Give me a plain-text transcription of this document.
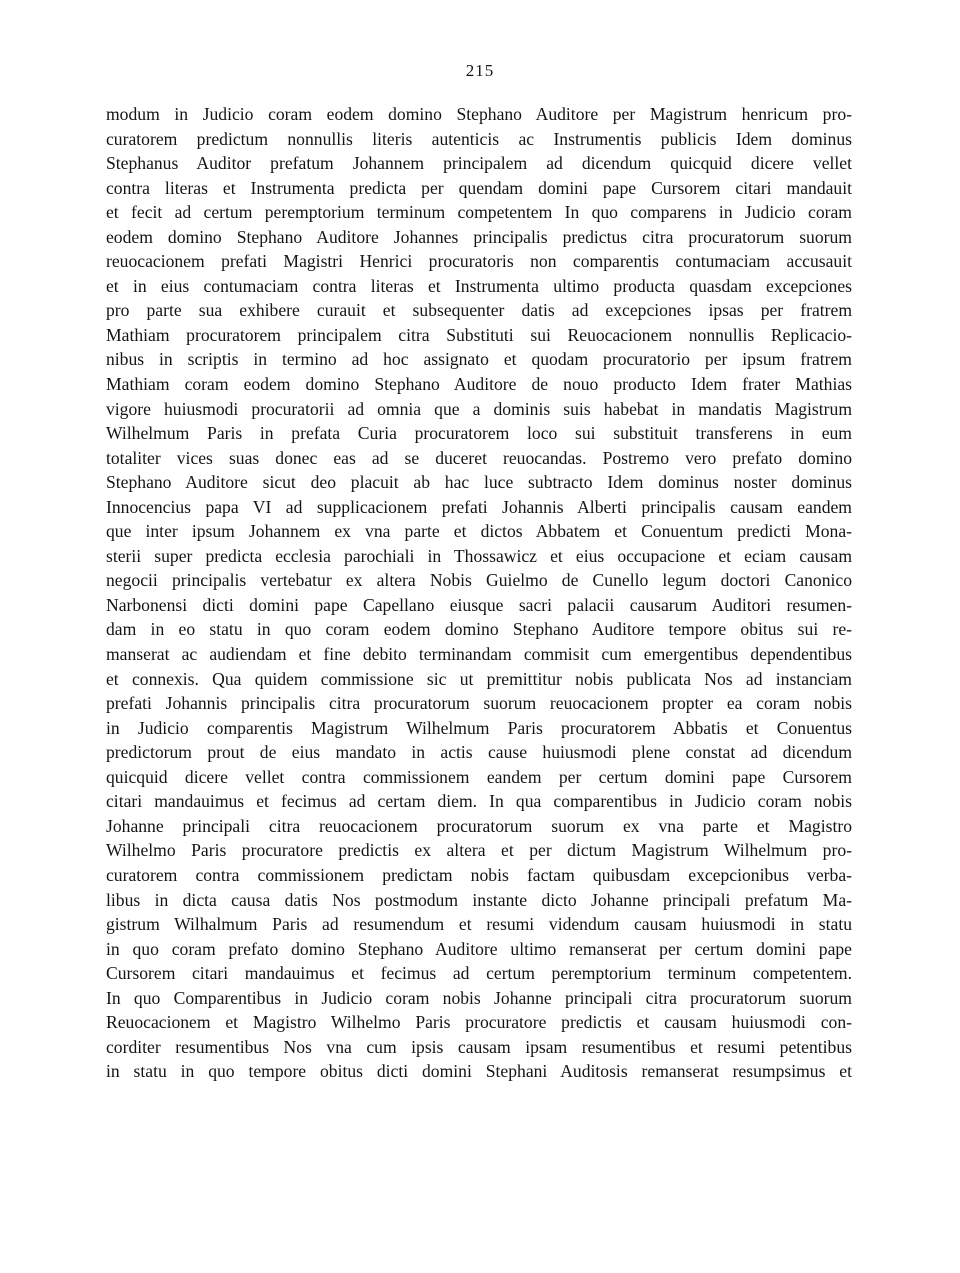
215
modum in Judicio coram eodem domino Stephano Auditore per Magistrum henricum pro-
curatorem predictum nonnullis literis autenticis ac Instrumentis publicis Idem dominus
Stephanus Auditor prefatum Johannem principalem ad dicendum quicquid dicere vellet
contra literas et Instrumenta predicta per quendam domini pape Cursorem citari mandauit
et fecit ad certum peremptorium terminum competentem In quo comparens in Judicio coram
eodem domino Stephano Auditore Johannes principalis predictus citra procuratorum suorum
reuocacionem prefati Magistri Henrici procuratoris non comparentis contumaciam accusauit
et in eius contumaciam contra literas et Instrumenta ultimo producta quasdam excepciones
pro parte sua exhibere curauit et subsequenter datis ad excepciones ipsas per fratrem
Mathiam procuratorem principalem citra Substituti sui Reuocacionem nonnullis Replicacio-
nibus in scriptis in termino ad hoc assignato et quodam procuratorio per ipsum fratrem
Mathiam coram eodem domino Stephano Auditore de nouo producto Idem frater Mathias
vigore huiusmodi procuratorii ad omnia que a dominis suis habebat in mandatis Magistrum
Wilhelmum Paris in prefata Curia procuratorem loco sui substituit transferens in eum
totaliter vices suas donec eas ad se duceret reuocandas. Postremo vero prefato domino
Stephano Auditore sicut deo placuit ab hac luce subtracto Idem dominus noster dominus
Innocencius papa VI ad supplicacionem prefati Johannis Alberti principalis causam eandem
que inter ipsum Johannem ex vna parte et dictos Abbatem et Conuentum predicti Mona-
sterii super predicta ecclesia parochiali in Thossawicz et eius occupacione et eciam causam
negocii principalis vertebatur ex altera Nobis Guielmo de Cunello legum doctori Canonico
Narbonensi dicti domini pape Capellano eiusque sacri palacii causarum Auditori resumen-
dam in eo statu in quo coram eodem domino Stephano Auditore tempore obitus sui re-
manserat ac audiendam et fine debito terminandam commisit cum emergentibus dependentibus
et connexis. Qua quidem commissione sic ut premittitur nobis publicata Nos ad instanciam
prefati Johannis principalis citra procuratorum suorum reuocacionem propter ea coram nobis
in Judicio comparentis Magistrum Wilhelmum Paris procuratorem Abbatis et Conuentus
predictorum prout de eius mandato in actis cause huiusmodi plene constat ad dicendum
quicquid dicere vellet contra commissionem eandem per certum domini pape Cursorem
citari mandauimus et fecimus ad certam diem. In qua comparentibus in Judicio coram nobis
Johanne principali citra reuocacionem procuratorum suorum ex vna parte et Magistro
Wilhelmo Paris procuratore predictis ex altera et per dictum Magistrum Wilhelmum pro-
curatorem contra commissionem predictam nobis factam quibusdam excepcionibus verba-
libus in dicta causa datis Nos postmodum instante dicto Johanne principali prefatum Ma-
gistrum Wilhalmum Paris ad resumendum et resumi videndum causam huiusmodi in statu
in quo coram prefato domino Stephano Auditore ultimo remanserat per certum domini pape
Cursorem citari mandauimus et fecimus ad certum peremptorium terminum competentem.
In quo Comparentibus in Judicio coram nobis Johanne principali citra procuratorum suorum
Reuocacionem et Magistro Wilhelmo Paris procuratore predictis et causam huiusmodi con-
corditer resumentibus Nos vna cum ipsis causam ipsam resumentibus et resumi petentibus
in statu in quo tempore obitus dicti domini Stephani Auditosis remanserat resumpsimus et
